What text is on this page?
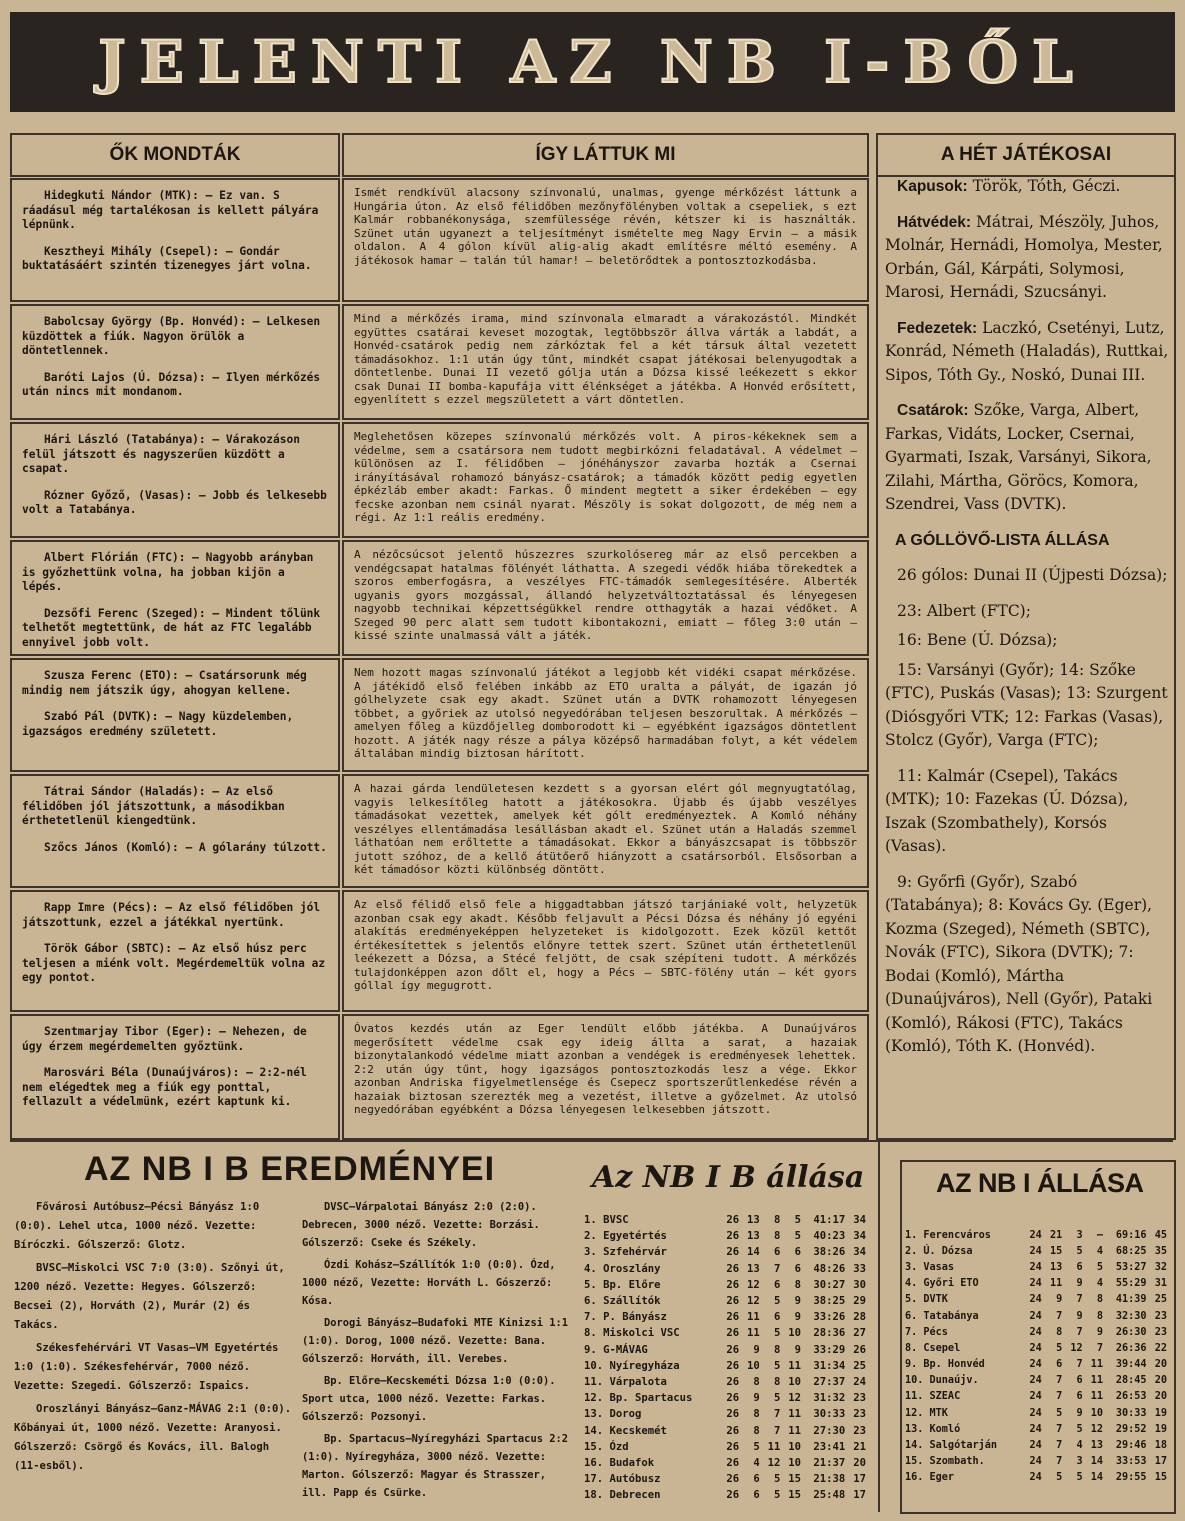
JELENTI AZ NB I-BŐL
ŐK MONDTÁK	ÍGY LÁTTUK MI	A HÉT JÁTÉKOSAI

Hidegkuti Nándor (MTK): — Ez van. S ráadásul még tartalékosan is kellett pályára lépnünk.

Kesztheyi Mihály (Csepel): — Gondár buktatásáért szintén tizenegyes járt volna.

Ismét rendkívül alacsony színvonalú, unalmas, gyenge mérkőzést láttunk a Hungária úton. Az első félidőben mezőnyfölényben voltak a csepeliek, s ezt Kalmár robbanékonysága, szemfülessége révén, kétszer ki is használták. Szünet után ugyanezt a teljesítményt ismételte meg Nagy Ervin — a másik oldalon. A 4 gólon kívül alig-alig akadt említésre méltó esemény. A játékosok hamar — talán túl hamar! — beletörődtek a pontosztozkodásba.

Babolcsay György (Bp. Honvéd): — Lelkesen küzdöttek a fiúk. Nagyon örülök a döntetlennek.

Baróti Lajos (Ú. Dózsa): — Ilyen mérkőzés után nincs mit mondanom.

Mind a mérkőzés irama, mind színvonala elmaradt a várakozástól. Mindkét együttes csatárai keveset mozogtak, legtöbbször állva várták a labdát, a Honvéd-csatárok pedig nem zárkóztak fel a két társuk által vezetett támadásokhoz. 1:1 után úgy tűnt, mindkét csapat játékosai belenyugodtak a döntetlenbe. Dunai II vezető gólja után a Dózsa kissé leékezett s ekkor csak Dunai II bomba-kapufája vitt élénkséget a játékba. A Honvéd erősített, egyenlített s ezzel megszületett a várt döntetlen.

Hári László (Tatabánya): — Várakozáson felül játszott és nagyszerűen küzdött a csapat.

Rózner Győző, (Vasas): — Jobb és lelkesebb volt a Tatabánya.

Meglehetősen közepes színvonalú mérkőzés volt. A piros-kékeknek sem a védelme, sem a csatársora nem tudott megbirkózni feladatával. A védelmet — különösen az I. félidőben — jónéhányszor zavarba hozták a Csernai irányításával rohamozó bányász-csatárok; a támadók között pedig egyetlen épkézláb ember akadt: Farkas. Ő mindent megtett a siker érdekében — egy fecske azonban nem csinál nyarat. Mészöly is sokat dolgozott, de még nem a régi. Az 1:1 reális eredmény.

Albert Flórián (FTC): — Nagyobb arányban is győzhettünk volna, ha jobban kijön a lépés.

Dezsőfi Ferenc (Szeged): — Mindent tőlünk telhetőt megtettünk, de hát az FTC legalább ennyivel jobb volt.

A nézőcsúcsot jelentő húszezres szurkolósereg már az első percekben a vendégcsapat hatalmas fölényét láthatta. A szegedi védők hiába törekedtek a szoros emberfogásra, a veszélyes FTC-támadók semlegesítésére. Alberték ugyanis gyors mozgással, állandó helyzetváltoztatással és lényegesen nagyobb technikai képzettségükkel rendre otthagyták a hazai védőket. A Szeged 90 perc alatt sem tudott kibontakozni, emiatt — főleg 3:0 után — kissé szinte unalmassá vált a játék.

Szusza Ferenc (ETO): — Csatársorunk még mindig nem játszik úgy, ahogyan kellene.

Szabó Pál (DVTK): — Nagy küzdelemben, igazságos eredmény született.

Nem hozott magas színvonalú játékot a legjobb két vidéki csapat mérkőzése. A játékidő első felében inkább az ETO uralta a pályát, de igazán jó gólhelyzete csak egy akadt. Szünet után a DVTK rohamozott lényegesen többet, a győriek az utolsó negyedórában teljesen beszorultak. A mérkőzés — amelyen főleg a küzdőjelleg domborodott ki — egyébként igazságos döntetlent hozott. A játék nagy része a pálya középső harmadában folyt, a két védelem általában mindig biztosan hárított.

Tátrai Sándor (Haladás): — Az első félidőben jól játszottunk, a másodikban érthetetlenül kiengedtünk.

Szőcs János (Komló): — A gólarány túlzott.

A hazai gárda lendületesen kezdett s a gyorsan elért gól megnyugtatólag, vagyis lelkesítőleg hatott a játékosokra. Újabb és újabb veszélyes támadásokat vezettek, amelyek két gólt eredményeztek. A Komló néhány veszélyes ellentámadása lesállásban akadt el. Szünet után a Haladás szemmel láthatóan nem erőltette a támadásokat. Ekkor a bányászcsapat is többször jutott szóhoz, de a kellő átütőerő hiányzott a csatársorból. Elsősorban a két támadósor közti különbség döntött.

Rapp Imre (Pécs): — Az első félidőben jól játszottunk, ezzel a játékkal nyertünk.

Török Gábor (SBTC): — Az első húsz perc teljesen a miénk volt. Megérdemeltük volna az egy pontot.

Az első félidő első fele a higgadtabban játszó tarjániaké volt, helyzetük azonban csak egy akadt. Később feljavult a Pécsi Dózsa és néhány jó egyéni alakítás eredményeképpen helyzeteket is kidolgozott. Ezek közül kettőt értékesítettek s jelentős előnyre tettek szert. Szünet után érthetetlenül leékezett a Dózsa, a Stécé feljött, de csak szépíteni tudott. A mérkőzés tulajdonképpen azon dőlt el, hogy a Pécs — SBTC-fölény után — két gyors góllal így megugrott.

Szentmarjay Tibor (Eger): — Nehezen, de úgy érzem megérdemelten győztünk.

Marosvári Béla (Dunaújváros): — 2:2-nél nem elégedtek meg a fiúk egy ponttal, fellazult a védelmünk, ezért kaptunk ki.

Óvatos kezdés után az Eger lendült előbb játékba. A Dunaújváros megerősített védelme csak egy ideig állta a sarat, a hazaiak bizonytalankodó védelme miatt azonban a vendégek is eredményesek lehettek. 2:2 után úgy tűnt, hogy igazságos pontosztozkodás lesz a vége. Ekkor azonban Andriska figyelmetlensége és Csepecz sportszerűtlenkedése révén a hazaiak biztosan szerezték meg a vezetést, illetve a győzelmet. Az utolsó negyedórában egyébként a Dózsa lényegesen lelkesebben játszott.

Kapusok: Török, Tóth, Géczi.

Hátvédek: Mátrai, Mészöly, Juhos, Molnár, Hernádi, Homolya, Mester, Orbán, Gál, Kárpáti, Solymosi, Marosi, Hernádi, Szucsányi.

Fedezetek: Laczkó, Csetényi, Lutz, Konrád, Németh (Haladás), Ruttkai, Sipos, Tóth Gy., Noskó, Dunai III.

Csatárok: Szőke, Varga, Albert, Farkas, Vidáts, Locker, Csernai, Gyarmati, Iszak, Varsányi, Sikora, Zilahi, Mártha, Göröcs, Komora, Szendrei, Vass (DVTK).

A GÓLLÖVŐ-LISTA ÁLLÁSA

26 gólos: Dunai II (Újpesti Dózsa);

23: Albert (FTC);

16: Bene (Ú. Dózsa);

15: Varsányi (Győr); 14: Szőke (FTC), Puskás (Vasas); 13: Szurgent (Diósgyőri VTK; 12: Farkas (Vasas), Stolcz (Győr), Varga (FTC);

11: Kalmár (Csepel), Takács (MTK); 10: Fazekas (Ú. Dózsa), Iszak (Szombathely), Korsós (Vasas).

9: Győrfi (Győr), Szabó (Tatabánya); 8: Kovács Gy. (Eger), Kozma (Szeged), Németh (SBTC), Novák (FTC), Sikora (DVTK); 7: Bodai (Komló), Mártha (Dunaújváros), Nell (Győr), Pataki (Komló), Rákosi (FTC), Takács (Komló), Tóth K. (Honvéd).

AZ NB I B EREDMÉNYEI

Fővárosi Autóbusz—Pécsi Bányász 1:0 (0:0). Lehel utca, 1000 néző. Vezette: Bíróczki. Gólszerző: Glotz.

BVSC—Miskolci VSC 7:0 (3:0). Szőnyi út, 1200 néző. Vezette: Hegyes. Gólszerző: Becsei (2), Horváth (2), Murár (2) és Takács.

Székesfehérvári VT Vasas—VM Egyetértés 1:0 (1:0). Székesfehérvár, 7000 néző. Vezette: Szegedi. Gólszerző: Ispaics.

Oroszlányi Bányász—Ganz-MÁVAG 2:1 (0:0). Kőbányai út, 1000 néző. Vezette: Aranyosi. Gólszerző: Csörgő és Kovács, ill. Balogh (11-esből).

DVSC—Várpalotai Bányász 2:0 (2:0). Debrecen, 3000 néző. Vezette: Borzási. Gólszerző: Cseke és Székely.

Ózdi Kohász—Szállítók 1:0 (0:0). Ózd, 1000 néző, Vezette: Horváth L. Gószerző: Kósa.

Dorogi Bányász—Budafoki MTE Kinizsi 1:1 (1:0). Dorog, 1000 néző. Vezette: Bana. Gólszerző: Horváth, ill. Verebes.

Bp. Előre—Kecskeméti Dózsa 1:0 (0:0). Sport utca, 1000 néző. Vezette: Farkas. Gólszerző: Pozsonyi.

Bp. Spartacus—Nyíregyházi Spartacus 2:2 (1:0). Nyíregyháza, 3000 néző. Vezette: Marton. Gólszerző: Magyar és Strasszer, ill. Papp és Csürke.

Az NB I B állása
1. BVSC	26	13	8	5	41:17	34
2. Egyetértés	26	13	8	5	40:23	34
3. Szfehérvár	26	14	6	6	38:26	34
4. Oroszlány	26	13	7	6	48:26	33
5. Bp. Előre	26	12	6	8	30:27	30
6. Szállítók	26	12	5	9	38:25	29
7. P. Bányász	26	11	6	9	33:26	28
8. Miskolci VSC	26	11	5	10	28:36	27
9. G-MÁVAG	26	9	8	9	33:29	26
10. Nyíregyháza	26	10	5	11	31:34	25
11. Várpalota	26	8	8	10	27:37	24
12. Bp. Spartacus	26	9	5	12	31:32	23
13. Dorog	26	8	7	11	30:33	23
14. Kecskemét	26	8	7	11	27:30	23
15. Ózd	26	5	11	10	23:41	21
16. Budafok	26	4	12	10	21:37	20
17. Autóbusz	26	6	5	15	21:38	17
18. Debrecen	26	6	5	15	25:48	17
AZ NB I ÁLLÁSA
1. Ferencváros	24	21	3	—	69:16	45
2. Ú. Dózsa	24	15	5	4	68:25	35
3. Vasas	24	13	6	5	53:27	32
4. Győri ETO	24	11	9	4	55:29	31
5. DVTK	24	9	7	8	41:39	25
6. Tatabánya	24	7	9	8	32:30	23
7. Pécs	24	8	7	9	26:30	23
8. Csepel	24	5	12	7	26:36	22
9. Bp. Honvéd	24	6	7	11	39:44	20
10. Dunaújv.	24	7	6	11	28:45	20
11. SZEAC	24	7	6	11	26:53	20
12. MTK	24	5	9	10	30:33	19
13. Komló	24	7	5	12	29:52	19
14. Salgótarján	24	7	4	13	29:46	18
15. Szombath.	24	7	3	14	33:53	17
16. Eger	24	5	5	14	29:55	15
